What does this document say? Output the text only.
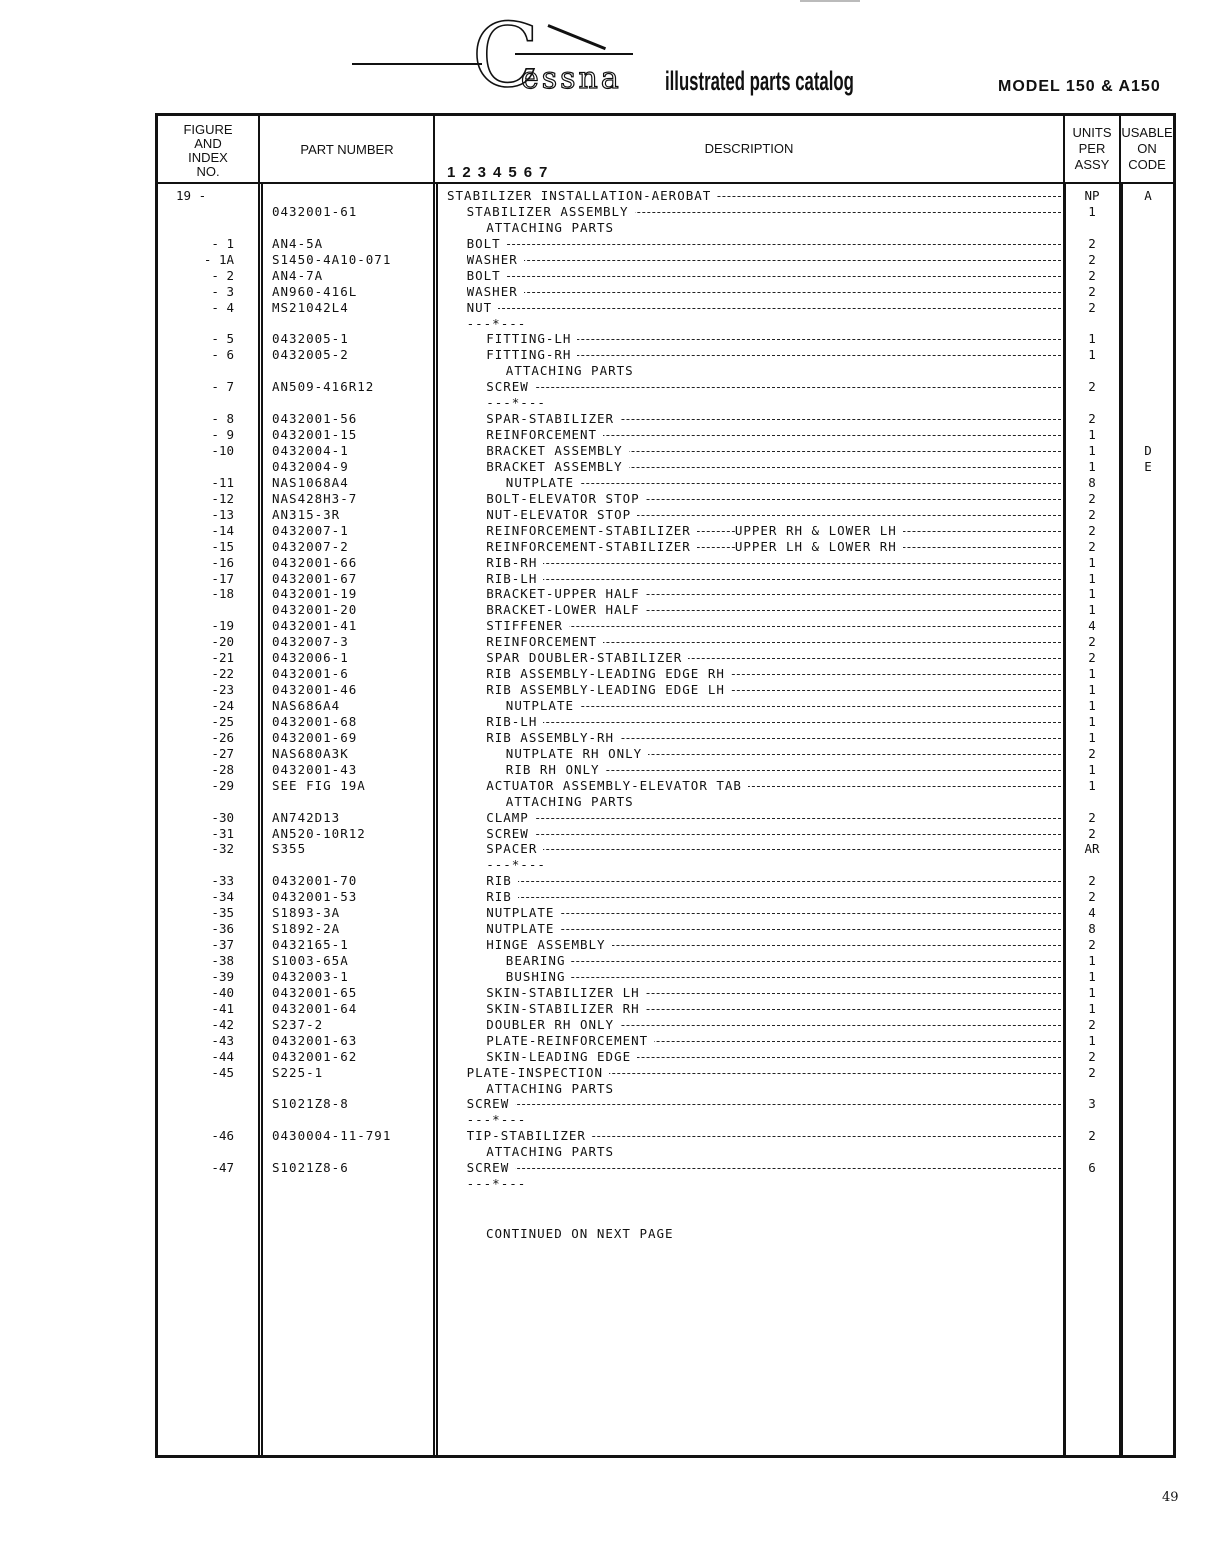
C
essna illustrated parts catalog	MODEL 150 & A150
FIGURE
AND
INDEX
NO.
PART NUMBER	DESCRIPTION
1234567
UNITS
PER
ASSY
USABLE
ON
CODE
19 -	STABILIZER INSTALLATION-AEROBAT	NP	A
0432001-61	STABILIZER ASSEMBLY	1
ATTACHING PARTS
- 1	AN4-5A	BOLT	2
- 1A	S1450-4A10-071	WASHER	2
- 2	AN4-7A	BOLT	2
- 3	AN960-416L	WASHER	2
- 4	MS21042L4	NUT	2
---*---
- 5	0432005-1	FITTING-LH	1
- 6	0432005-2	FITTING-RH	1
ATTACHING PARTS
- 7	AN509-416R12	SCREW	2
---*---
- 8	0432001-56	SPAR-STABILIZER	2
- 9	0432001-15	REINFORCEMENT	1
-10	0432004-1	BRACKET ASSEMBLY	1	D
0432004-9	BRACKET ASSEMBLY	1	E
-11	NAS1068A4	NUTPLATE	8
-12	NAS428H3-7	BOLT-ELEVATOR STOP	2
-13	AN315-3R	NUT-ELEVATOR STOP	2
-14	0432007-1	REINFORCEMENT-STABILIZER	UPPER RH & LOWER LH	2
-15	0432007-2	REINFORCEMENT-STABILIZER	UPPER LH & LOWER RH	2
-16	0432001-66	RIB-RH	1
-17	0432001-67	RIB-LH	1
-18	0432001-19	BRACKET-UPPER HALF	1
0432001-20	BRACKET-LOWER HALF	1
-19	0432001-41	STIFFENER	4
-20	0432007-3	REINFORCEMENT	2
-21	0432006-1	SPAR DOUBLER-STABILIZER	2
-22	0432001-6	RIB ASSEMBLY-LEADING EDGE RH	1
-23	0432001-46	RIB ASSEMBLY-LEADING EDGE LH	1
-24	NAS686A4	NUTPLATE	1
-25	0432001-68	RIB-LH	1
-26	0432001-69	RIB ASSEMBLY-RH	1
-27	NAS680A3K	NUTPLATE RH ONLY	2
-28	0432001-43	RIB RH ONLY	1
-29	SEE FIG 19A	ACTUATOR ASSEMBLY-ELEVATOR TAB	1
ATTACHING PARTS
-30	AN742D13	CLAMP	2
-31	AN520-10R12	SCREW	2
-32	S355	SPACER	AR
---*---
-33	0432001-70	RIB	2
-34	0432001-53	RIB	2
-35	S1893-3A	NUTPLATE	4
-36	S1892-2A	NUTPLATE	8
-37	0432165-1	HINGE ASSEMBLY	2
-38	S1003-65A	BEARING	1
-39	0432003-1	BUSHING	1
-40	0432001-65	SKIN-STABILIZER LH	1
-41	0432001-64	SKIN-STABILIZER RH	1
-42	S237-2	DOUBLER RH ONLY	2
-43	0432001-63	PLATE-REINFORCEMENT	1
-44	0432001-62	SKIN-LEADING EDGE	2
-45	S225-1	PLATE-INSPECTION	2
ATTACHING PARTS
S1021Z8-8	SCREW	3
---*---
-46	0430004-11-791	TIP-STABILIZER	2
ATTACHING PARTS
-47	S1021Z8-6	SCREW	6
---*---
CONTINUED ON NEXT PAGE
49
